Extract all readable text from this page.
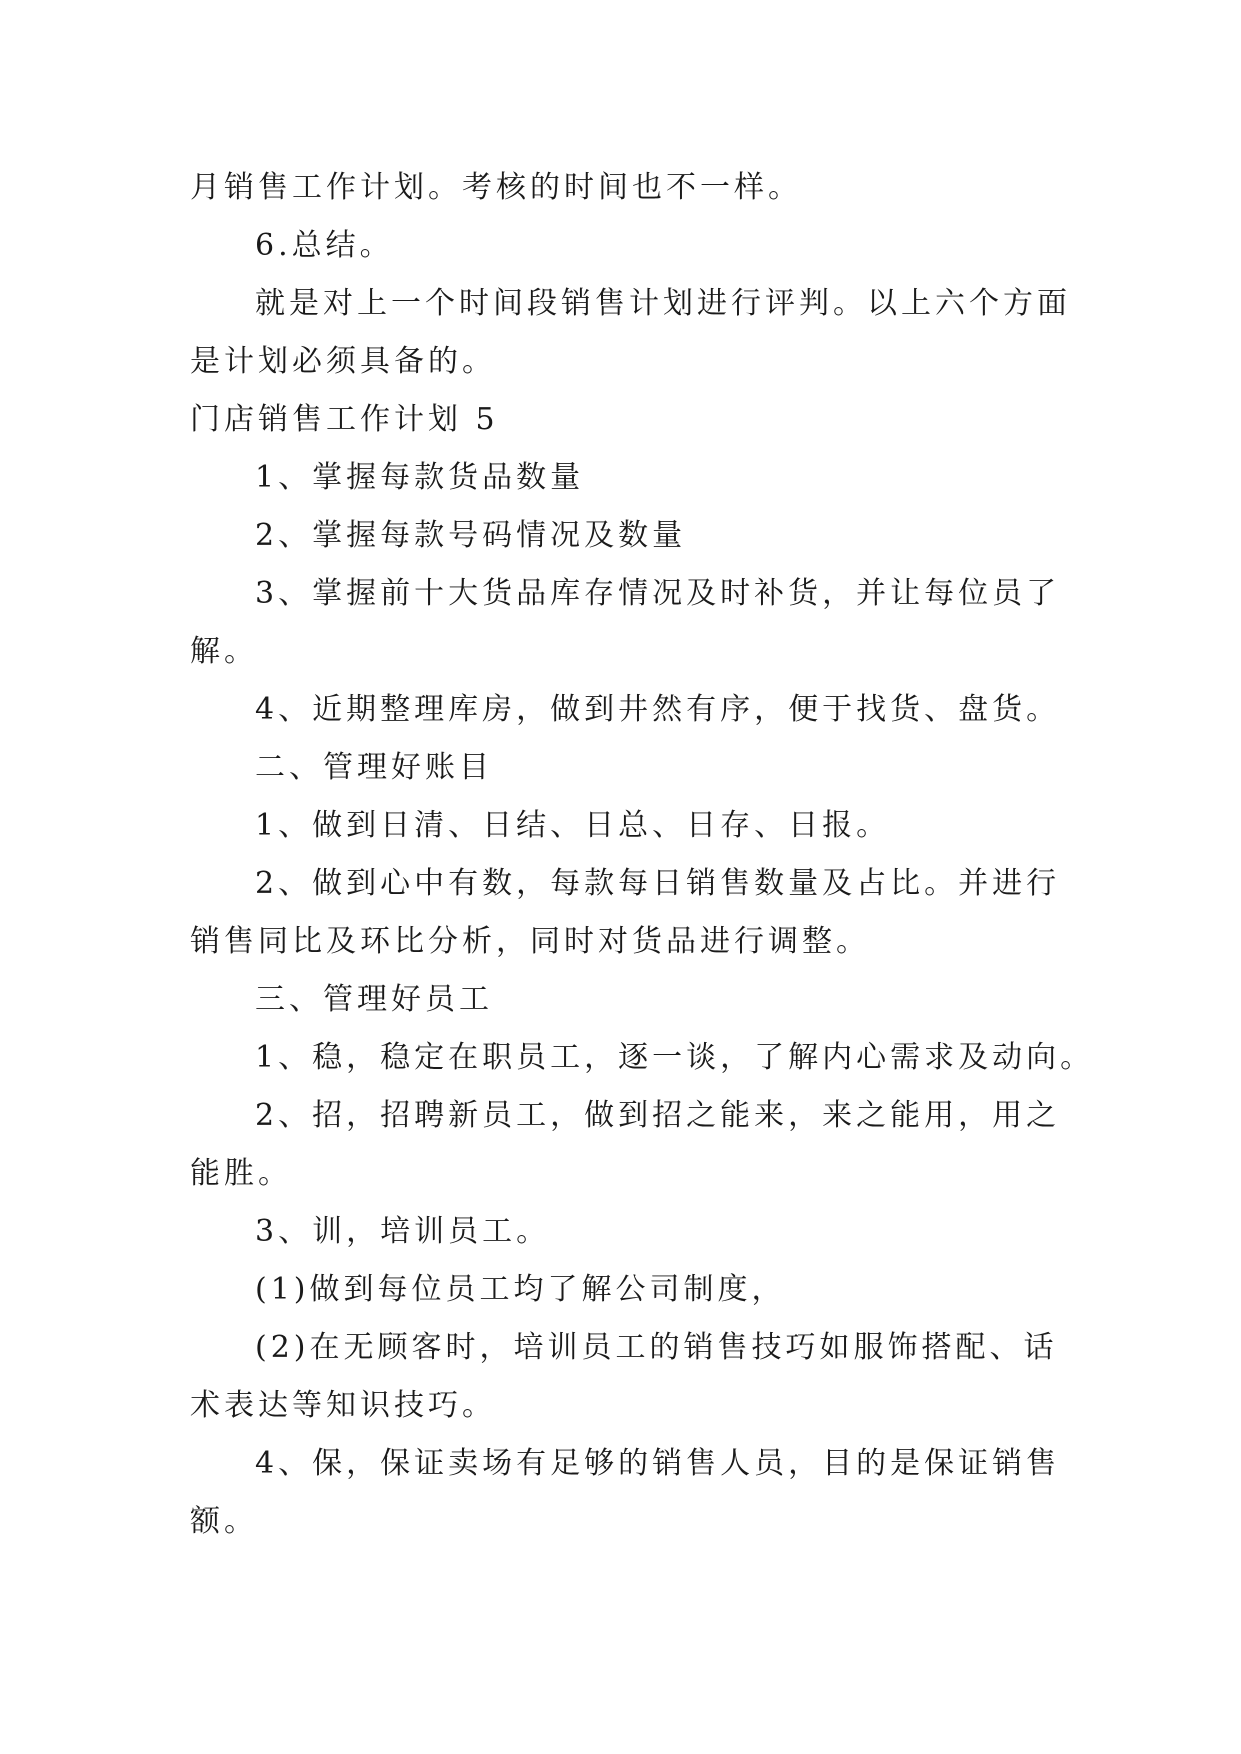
月销售工作计划。考核的时间也不一样。
6.总结。
就是对上一个时间段销售计划进行评判。以上六个方面
是计划必须具备的。
门店销售工作计划 5
1、掌握每款货品数量
2、掌握每款号码情况及数量
3、掌握前十大货品库存情况及时补货，并让每位员了
解。
4、近期整理库房，做到井然有序，便于找货、盘货。
二、管理好账目
1、做到日清、日结、日总、日存、日报。
2、做到心中有数，每款每日销售数量及占比。并进行
销售同比及环比分析，同时对货品进行调整。
三、管理好员工
1、稳，稳定在职员工，逐一谈，了解内心需求及动向。
2、招，招聘新员工，做到招之能来，来之能用，用之
能胜。
3、训，培训员工。
(1)做到每位员工均了解公司制度，
(2)在无顾客时，培训员工的销售技巧如服饰搭配、话
术表达等知识技巧。
4、保，保证卖场有足够的销售人员，目的是保证销售
额。
